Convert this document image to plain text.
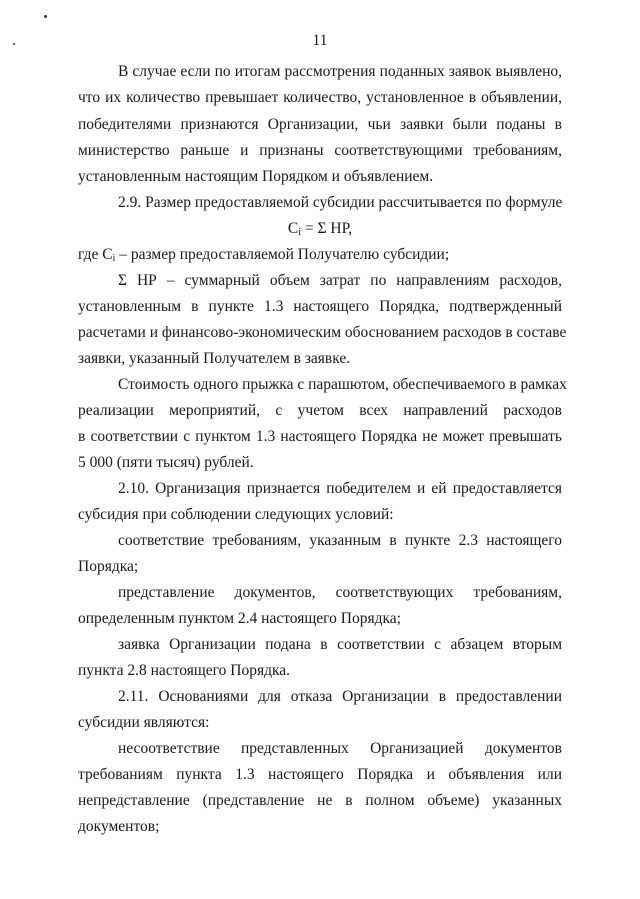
11
В случае если по итогам рассмотрения поданных заявок выявлено,
что их количество превышает количество, установленное в объявлении,
победителями признаются Организации, чьи заявки были поданы в
министерство раньше и признаны соответствующими требованиям,
установленным настоящим Порядком и объявлением.
2.9. Размер предоставляемой субсидии рассчитывается по формуле
$C_i = \Sigma$ НР,
где $C_i$ – размер предоставляемой Получателю субсидии;
Σ НР – суммарный объем затрат по направлениям расходов,
установленным в пункте 1.3 настоящего Порядка, подтвержденный
расчетами и финансово-экономическим обоснованием расходов в составе
заявки, указанный Получателем в заявке.
Стоимость одного прыжка с парашютом, обеспечиваемого в рамках
реализации мероприятий, с учетом всех направлений расходов
в соответствии с пунктом 1.3 настоящего Порядка не может превышать
5 000 (пяти тысяч) рублей.
2.10. Организация признается победителем и ей предоставляется
субсидия при соблюдении следующих условий:
соответствие требованиям, указанным в пункте 2.3 настоящего
Порядка;
представление документов, соответствующих требованиям,
определенным пунктом 2.4 настоящего Порядка;
заявка Организации подана в соответствии с абзацем вторым
пункта 2.8 настоящего Порядка.
2.11. Основаниями для отказа Организации в предоставлении
субсидии являются:
несоответствие представленных Организацией документов
требованиям пункта 1.3 настоящего Порядка и объявления или
непредставление (представление не в полном объеме) указанных
документов;
